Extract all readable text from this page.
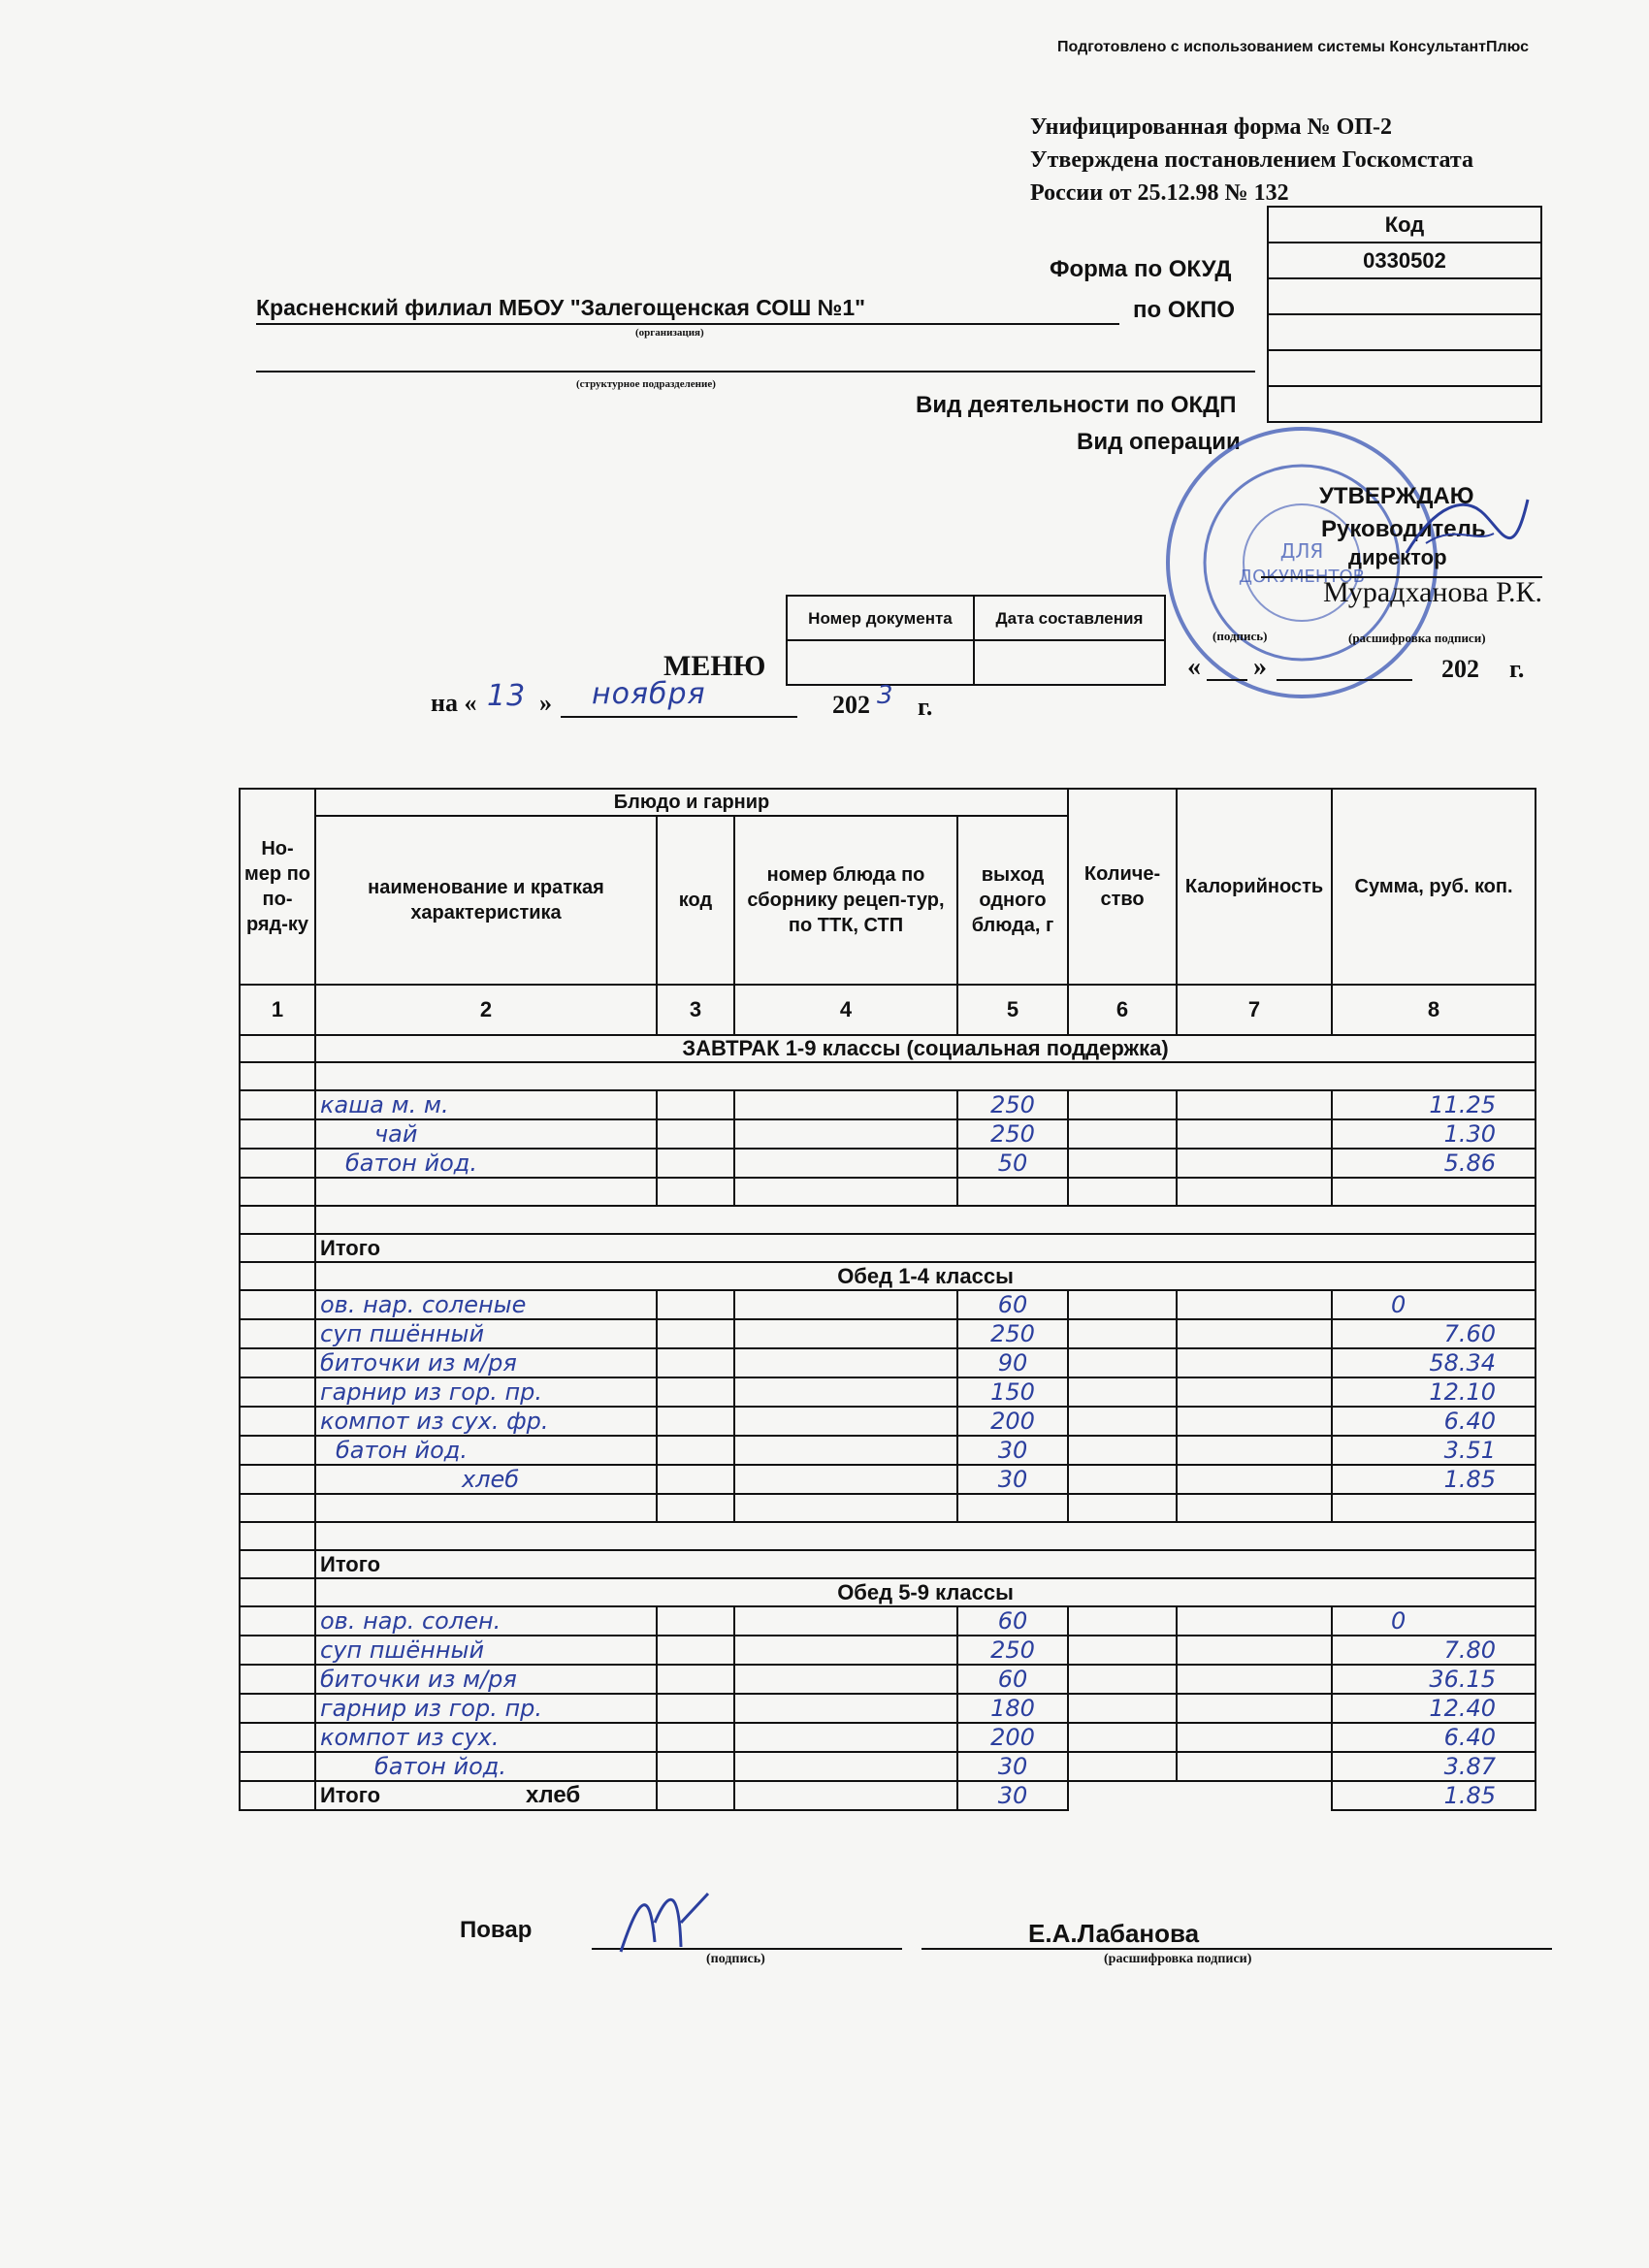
Подготовлено с использованием системы КонсультантПлюс
Унифицированная форма № ОП-2
Утверждена постановлением Госкомстата
России от 25.12.98 № 132
Код
0330502

Форма по ОКУД
по ОКПО
Вид деятельности по ОКДП
Вид операции
Красненский филиал МБОУ "Залегощенская СОШ №1"
(организация)
(структурное подразделение)
ДЛЯ
ДОКУМЕНТОВ
УТВЕРЖДАЮ
Руководитель
директор
Мурадханова Р.К.
(подпись)	(расшифровка подписи)
« »	202 г.
Номер документа	Дата составления

МЕНЮ
на « 13 » ноября	202 3 г.
Но-мер по по-ряд-ку	Блюдо и гарнир				Количе-ство	Калорийность	Сумма, руб. коп.
	наименование и краткая характеристика	код	номер блюда по сборнику рецеп-тур, по ТТК, СТП	выход одного блюда, г			
1	2	3	4	5	6	7	8
	ЗАВТРАК 1-9 классы (социальная поддержка)						

	каша м. м.			250			11.25
	чай			250			1.30
	батон йод.			50			5.86

	Итого						
	Обед 1-4 классы						
	ов. нар. соленые			60			0
	суп пшённый			250			7.60
	биточки из м/ря			90			58.34
	гарнир из гор. пр.			150			12.10
	компот из сух. фр.			200			6.40
	батон йод.			30			3.51
	хлеб			30			1.85

	Итого						
	Обед 5-9 классы						
	ов. нар. солен.			60			0
	суп пшённый			250			7.80
	биточки из м/ря			60			36.15
	гарнир из гор. пр.			180			12.40
	компот из сух.			200			6.40
	батон йод.			30			3.87
	Итого хлеб			30			1.85
Повар
(подпись)
Е.А.Лабанова
(расшифровка подписи)
